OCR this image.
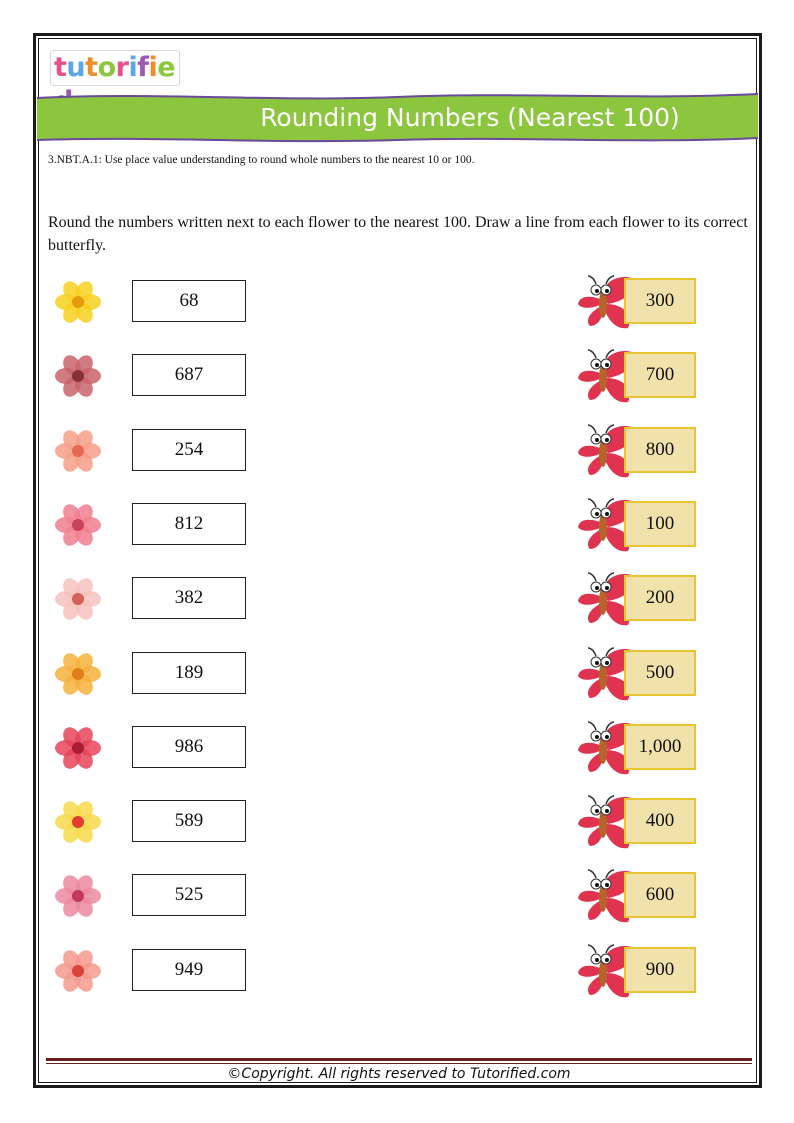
tutorifie
Rounding Numbers (Nearest 100)
3.NBT.A.1: Use place value understanding to round whole numbers to the nearest 10 or 100.
Round the numbers written next to each flower to the nearest 100. Draw a line from each flower to its correct butterfly.
68	300
687	700
254	800
812	100
382	200
189	500
986	1,000
589	400
525	600
949	900
©Copyright. All rights reserved to Tutorified.com
